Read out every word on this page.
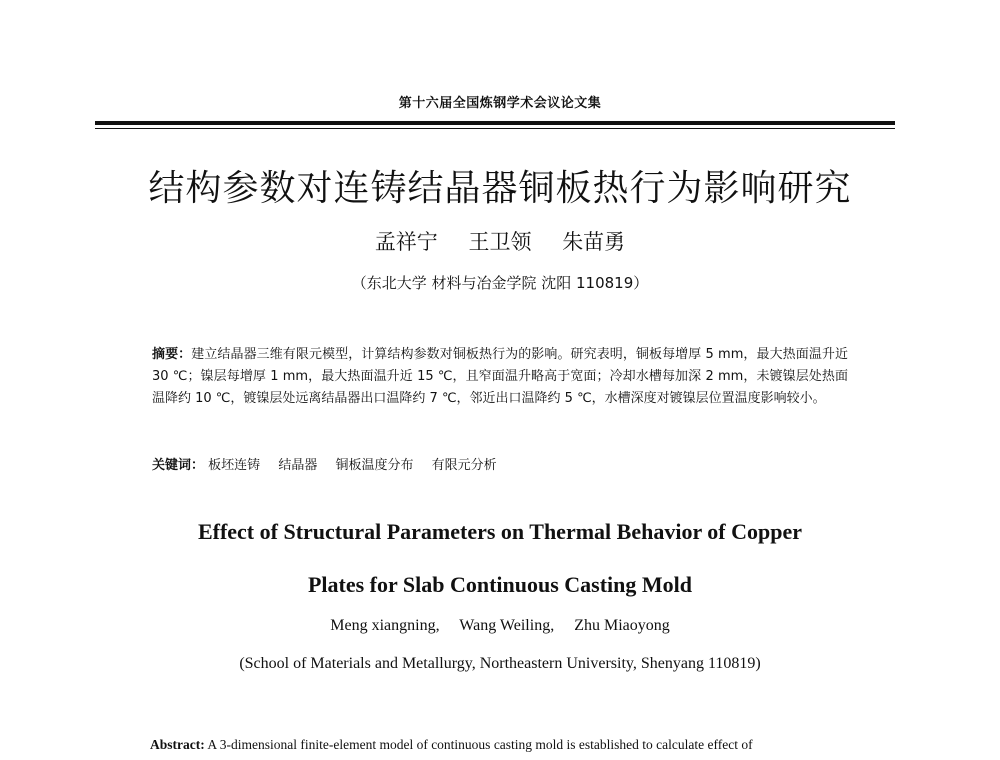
第十六届全国炼钢学术会议论文集
结构参数对连铸结晶器铜板热行为影响研究
孟祥宁 王卫领 朱苗勇
（东北大学 材料与冶金学院 沈阳 110819）
摘要：建立结晶器三维有限元模型，计算结构参数对铜板热行为的影响。研究表明，铜板每增厚 5 mm，最大热面温升近 30 ℃；镍层每增厚 1 mm，最大热面温升近 15 ℃，且窄面温升略高于宽面；冷却水槽每加深 2 mm，未镀镍层处热面温降约 10 ℃，镀镍层处远离结晶器出口温降约 7 ℃，邻近出口温降约 5 ℃，水槽深度对镀镍层位置温度影响较小。
关键词： 板坯连铸 结晶器 铜板温度分布 有限元分析
Effect of Structural Parameters on Thermal Behavior of Copper
Plates for Slab Continuous Casting Mold
Meng xiangning, Wang Weiling, Zhu Miaoyong
(School of Materials and Metallurgy, Northeastern University, Shenyang 110819)
Abstract: A 3-dimensional finite-element model of continuous casting mold is established to calculate effect of
